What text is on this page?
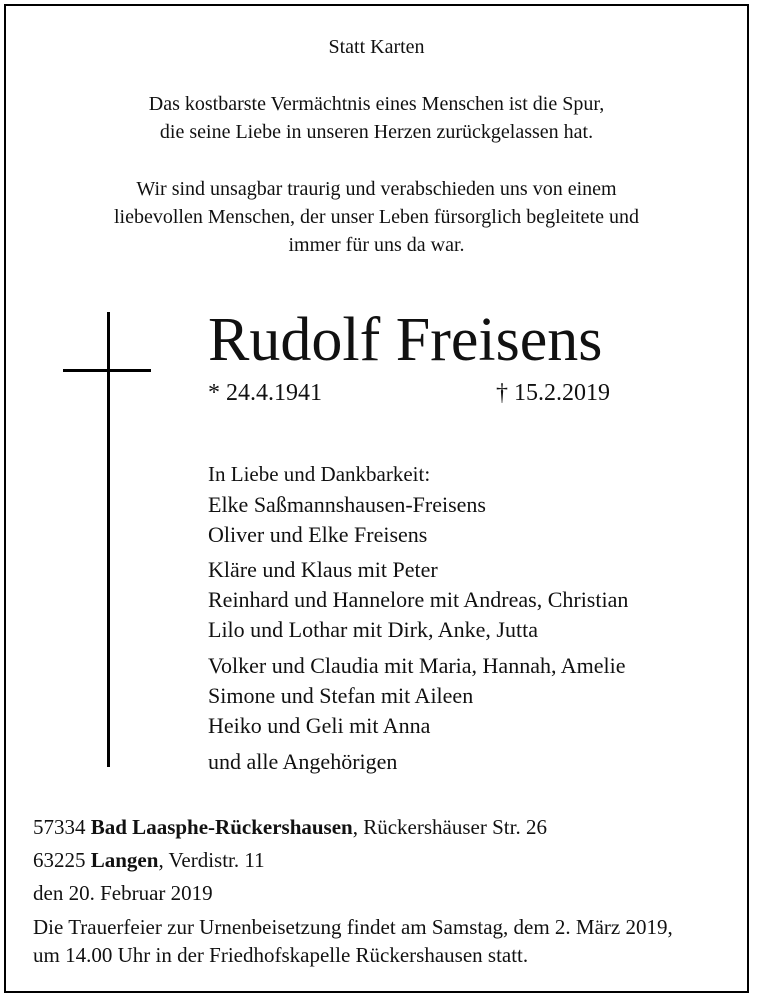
Statt Karten
Das kostbarste Vermächtnis eines Menschen ist die Spur,
die seine Liebe in unseren Herzen zurückgelassen hat.
Wir sind unsagbar traurig und verabschieden uns von einem
liebevollen Menschen, der unser Leben fürsorglich begleitete und
immer für uns da war.
Rudolf Freisens
* 24.4.1941	† 15.2.2019
In Liebe und Dankbarkeit:
Elke Saßmannshausen-Freisens
Oliver und Elke Freisens
Kläre und Klaus mit Peter
Reinhard und Hannelore mit Andreas, Christian
Lilo und Lothar mit Dirk, Anke, Jutta
Volker und Claudia mit Maria, Hannah, Amelie
Simone und Stefan mit Aileen
Heiko und Geli mit Anna
und alle Angehörigen
57334 Bad Laasphe-Rückershausen, Rückershäuser Str. 26
63225 Langen, Verdistr. 11
den 20. Februar 2019
Die Trauerfeier zur Urnenbeisetzung findet am Samstag, dem 2. März 2019,
um 14.00 Uhr in der Friedhofskapelle Rückershausen statt.
